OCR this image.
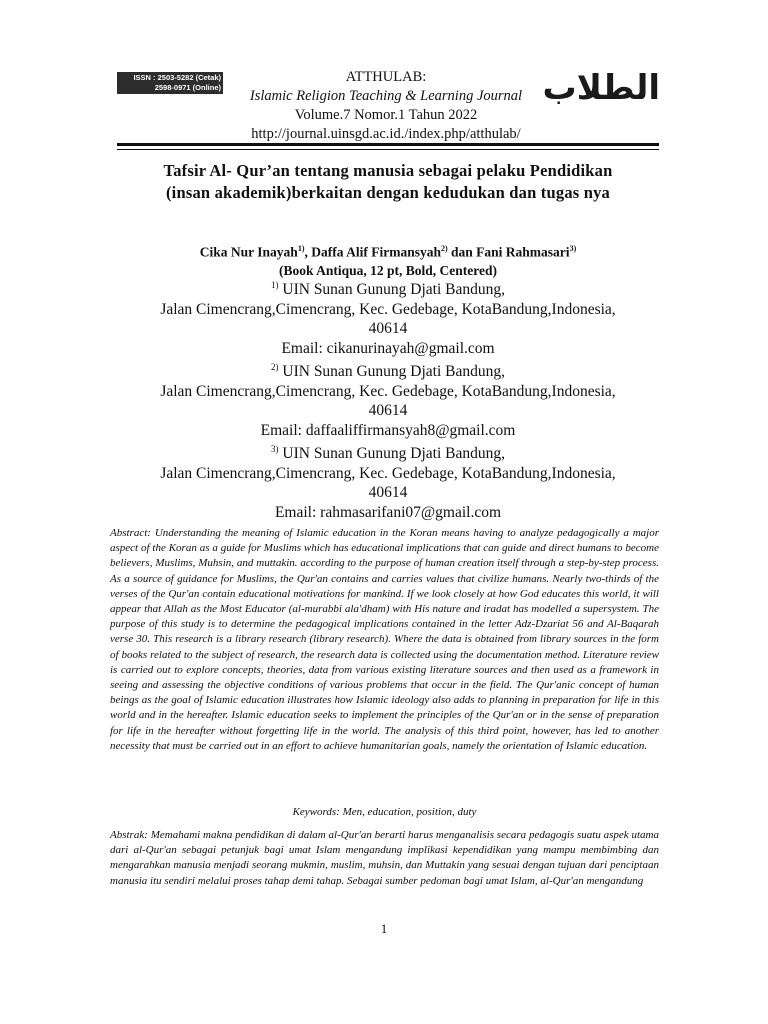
ISSN : 2503-5282 (Cetak)
2598-0971 (Online)
ATTHULAB:
Islamic Religion Teaching & Learning Journal
Volume.7 Nomor.1 Tahun 2022
http://journal.uinsgd.ac.id./index.php/atthulab/
الطلاب
Tafsir Al- Qur’an tentang manusia sebagai pelaku Pendidikan
(insan akademik)berkaitan dengan kedudukan dan tugas nya
Cika Nur Inayah$^{1)}$, Daffa Alif Firmansyah$^{2)}$ dan Fani Rahmasari$^{3)}$
(Book Antiqua, 12 pt, Bold, Centered)
$^{1)}$ UIN Sunan Gunung Djati Bandung,
Jalan Cimencrang,Cimencrang, Kec. Gedebage, KotaBandung,Indonesia,
40614
Email: cikanurinayah@gmail.com
$^{2)}$ UIN Sunan Gunung Djati Bandung,
Jalan Cimencrang,Cimencrang, Kec. Gedebage, KotaBandung,Indonesia,
40614
Email: daffaaliffirmansyah8@gmail.com
$^{3)}$ UIN Sunan Gunung Djati Bandung,
Jalan Cimencrang,Cimencrang, Kec. Gedebage, KotaBandung,Indonesia,
40614
Email: rahmasarifani07@gmail.com
Abstract: Understanding the meaning of Islamic education in the Koran means having to analyze pedagogically a major aspect of the Koran as a guide for Muslims which has educational implications that can guide and direct humans to become believers, Muslims, Muhsin, and muttakin. according to the purpose of human creation itself through a step-by-step process. As a source of guidance for Muslims, the Qur'an contains and carries values that civilize humans. Nearly two-thirds of the verses of the Qur'an contain educational motivations for mankind. If we look closely at how God educates this world, it will appear that Allah as the Most Educator (al-murabbi ala'dham) with His nature and iradat has modelled a supersystem. The purpose of this study is to determine the pedagogical implications contained in the letter Adz-Dzariat 56 and Al-Baqarah verse 30. This research is a library research (library research). Where the data is obtained from library sources in the form of books related to the subject of research, the research data is collected using the documentation method. Literature review is carried out to explore concepts, theories, data from various existing literature sources and then used as a framework in seeing and assessing the objective conditions of various problems that occur in the field. The Qur'anic concept of human beings as the goal of Islamic education illustrates how Islamic ideology also adds to planning in preparation for life in this world and in the hereafter. Islamic education seeks to implement the principles of the Qur'an or in the sense of preparation for life in the hereafter without forgetting life in the world. The analysis of this third point, however, has led to another necessity that must be carried out in an effort to achieve humanitarian goals, namely the orientation of Islamic education.
Keywords: Men, education, position, duty
Abstrak: Memahami makna pendidikan di dalam al-Qur'an berarti harus menganalisis secara pedagogis suatu aspek utama dari al-Qur'an sebagai petunjuk bagi umat Islam mengandung implikasi kependidikan yang mampu membimbing dan mengarahkan manusia menjadi seorang mukmin, muslim, muhsin, dan Muttakin yang sesuai dengan tujuan dari penciptaan manusia itu sendiri melalui proses tahap demi tahap. Sebagai sumber pedoman bagi umat Islam, al-Qur'an mengandung
1
